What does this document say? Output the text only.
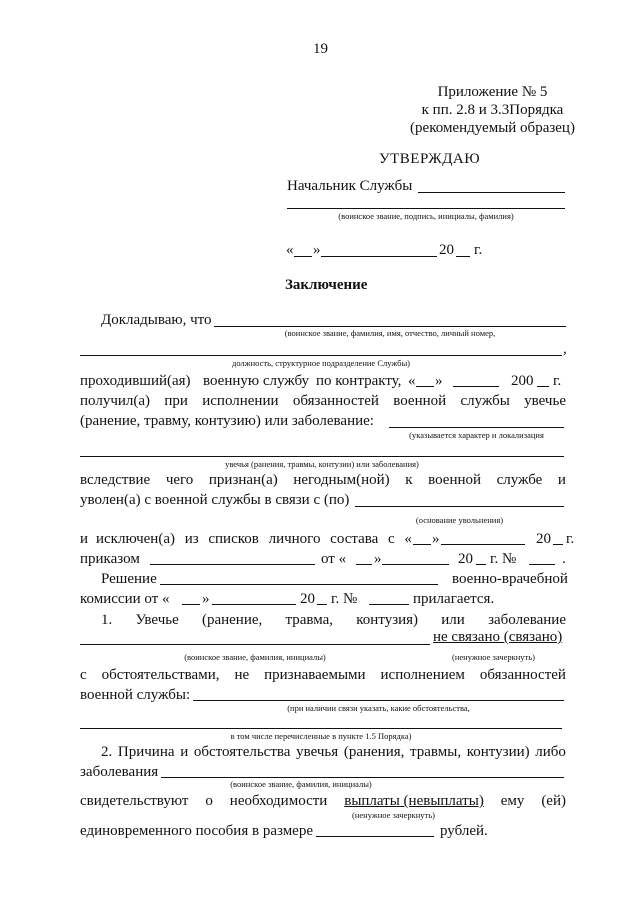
19
Приложение № 5
к пп. 2.8 и 3.3Порядка
(рекомендуемый образец)
УТВЕРЖДАЮ
Начальник Службы
(воинское звание, подпись, инициалы, фамилия)
« »	20 г.
Заключение
Докладываю, что
(воинское звание, фамилия, имя, отчество, личный номер,
,
должность, структурное подразделение Службы)
проходивший(ая) военную службу по контракту, « »	200 г.
получил(а) при исполнении обязанностей военной службы увечье
(ранение, травму, контузию) или заболевание:
(указывается характер и локализация
увечья (ранения, травмы, контузии) или заболевания)
вследствие чего признан(а) негодным(ной) к военной службе и
уволен(а) с военной службы в связи с (по)
(основание увольнения)
и исключен(а) из списков личного состава с « »	20 г.
приказом	от « »	20 г. №	.
Решение	военно-врачебной
комиссии от « »	20 г. №	прилагается.
1. Увечье (ранение, травма, контузия) или заболевание
не связано (связано)
(воинское звание, фамилия, инициалы)	(ненужное зачеркнуть)
с обстоятельствами, не признаваемыми исполнением обязанностей
военной службы:
(при наличии связи указать, какие обстоятельства,
в том числе перечисленные в пункте 1.5 Порядка)
2. Причина и обстоятельства увечья (ранения, травмы, контузии) либо
заболевания
(воинское звание, фамилия, инициалы)
свидетельствуют о необходимости выплаты (невыплаты) ему (ей)
(ненужное зачеркнуть)
единовременного пособия в размере	рублей.
